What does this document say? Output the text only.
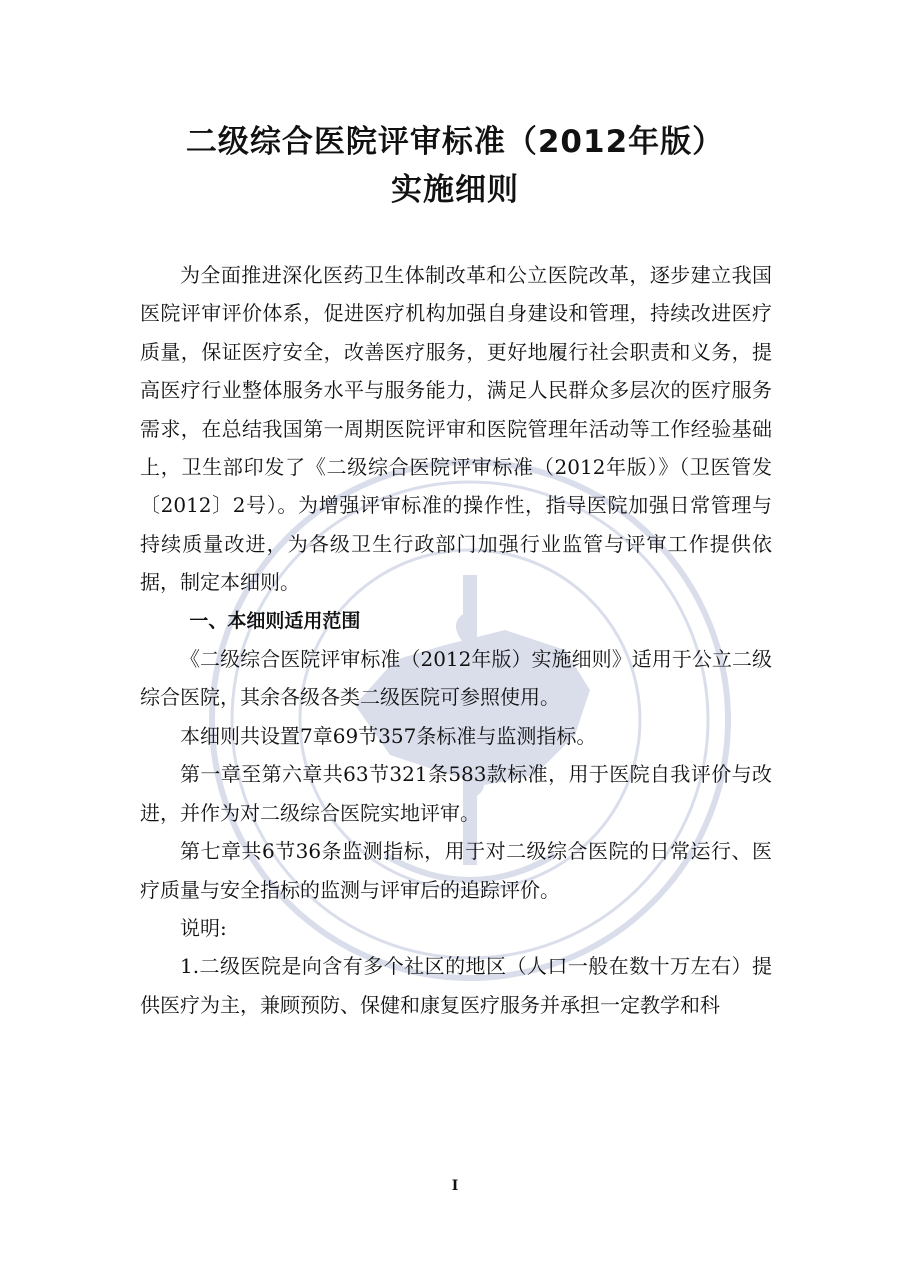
二级综合医院评审标准（2012年版）
实施细则

为全面推进深化医药卫生体制改革和公立医院改革，逐步建立我国医院评审评价体系，促进医疗机构加强自身建设和管理，持续改进医疗质量，保证医疗安全，改善医疗服务，更好地履行社会职责和义务，提高医疗行业整体服务水平与服务能力，满足人民群众多层次的医疗服务需求，在总结我国第一周期医院评审和医院管理年活动等工作经验基础上，卫生部印发了《二级综合医院评审标准（2012年版）》（卫医管发〔2012〕2号）。为增强评审标准的操作性，指导医院加强日常管理与持续质量改进，为各级卫生行政部门加强行业监管与评审工作提供依据，制定本细则。

一、本细则适用范围

《二级综合医院评审标准（2012年版）实施细则》适用于公立二级综合医院，其余各级各类二级医院可参照使用。

本细则共设置7章69节357条标准与监测指标。

第一章至第六章共63节321条583款标准，用于医院自我评价与改进，并作为对二级综合医院实地评审。

第七章共6节36条监测指标，用于对二级综合医院的日常运行、医疗质量与安全指标的监测与评审后的追踪评价。

说明:

1.二级医院是向含有多个社区的地区（人口一般在数十万左右）提供医疗为主，兼顾预防、保健和康复医疗服务并承担一定教学和科

I
